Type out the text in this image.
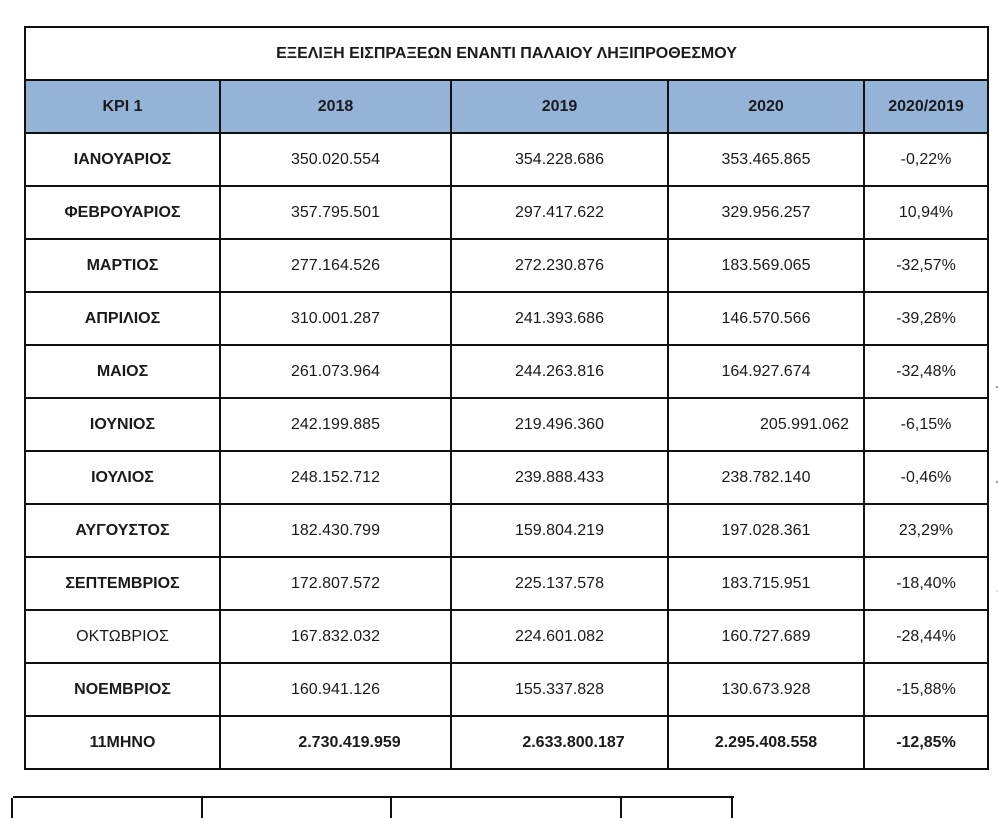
ΕΞΕΛΙΞΗ ΕΙΣΠΡΑΞΕΩΝ ΕΝΑΝΤΙ ΠΑΛΑΙΟΥ ΛΗΞΙΠΡΟΘΕΣΜΟΥ				
KPI 1	2018	2019	2020	2020/2019
ΙΑΝΟΥΑΡΙΟΣ	350.020.554	354.228.686	353.465.865	-0,22%
ΦΕΒΡΟΥΑΡΙΟΣ	357.795.501	297.417.622	329.956.257	10,94%
ΜΑΡΤΙΟΣ	277.164.526	272.230.876	183.569.065	-32,57%
ΑΠΡΙΛΙΟΣ	310.001.287	241.393.686	146.570.566	-39,28%
ΜΑΙΟΣ	261.073.964	244.263.816	164.927.674	-32,48%
ΙΟΥΝΙΟΣ	242.199.885	219.496.360	205.991.062	-6,15%
ΙΟΥΛΙΟΣ	248.152.712	239.888.433	238.782.140	-0,46%
ΑΥΓΟΥΣΤΟΣ	182.430.799	159.804.219	197.028.361	23,29%
ΣΕΠΤΕΜΒΡΙΟΣ	172.807.572	225.137.578	183.715.951	-18,40%
ΟΚΤΩΒΡΙΟΣ	167.832.032	224.601.082	160.727.689	-28,44%
ΝΟΕΜΒΡΙΟΣ	160.941.126	155.337.828	130.673.928	-15,88%
11ΜΗΝΟ	2.730.419.959	2.633.800.187	2.295.408.558	-12,85%
